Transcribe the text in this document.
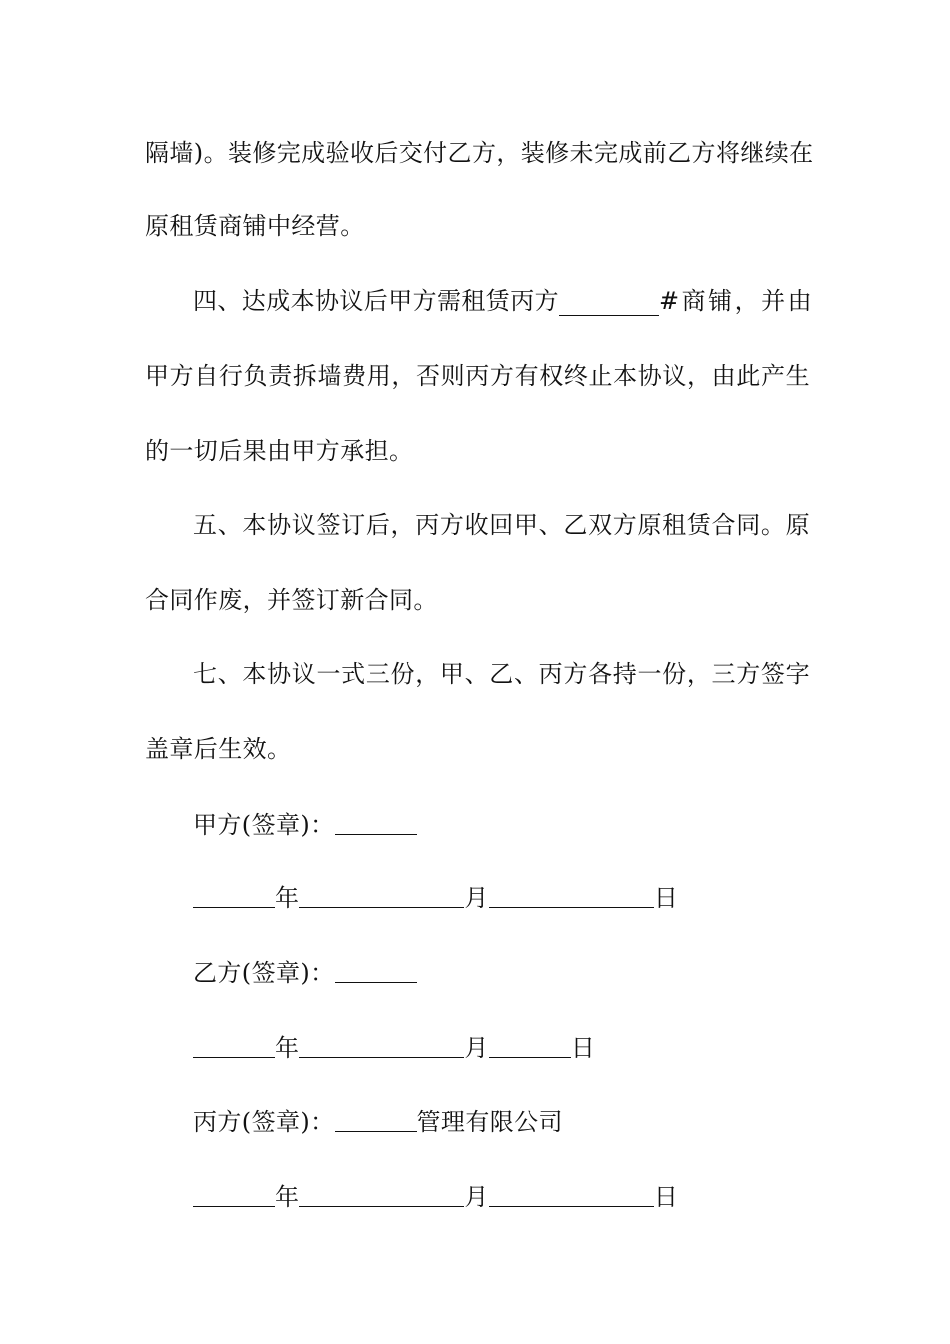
隔墙)。装修完成验收后交付乙方，装修未完成前乙方将继续在
原租赁商铺中经营。
四、达成本协议后甲方需租赁丙方	#商铺，并由
甲方自行负责拆墙费用，否则丙方有权终止本协议，由此产生
的一切后果由甲方承担。
五、本协议签订后，丙方收回甲、乙双方原租赁合同。原
合同作废，并签订新合同。
七、本协议一式三份，甲、乙、丙方各持一份，三方签字
盖章后生效。
甲方(签章)：
年	月	日
乙方(签章)：
年	月	日
丙方(签章)：	管理有限公司
年	月	日
